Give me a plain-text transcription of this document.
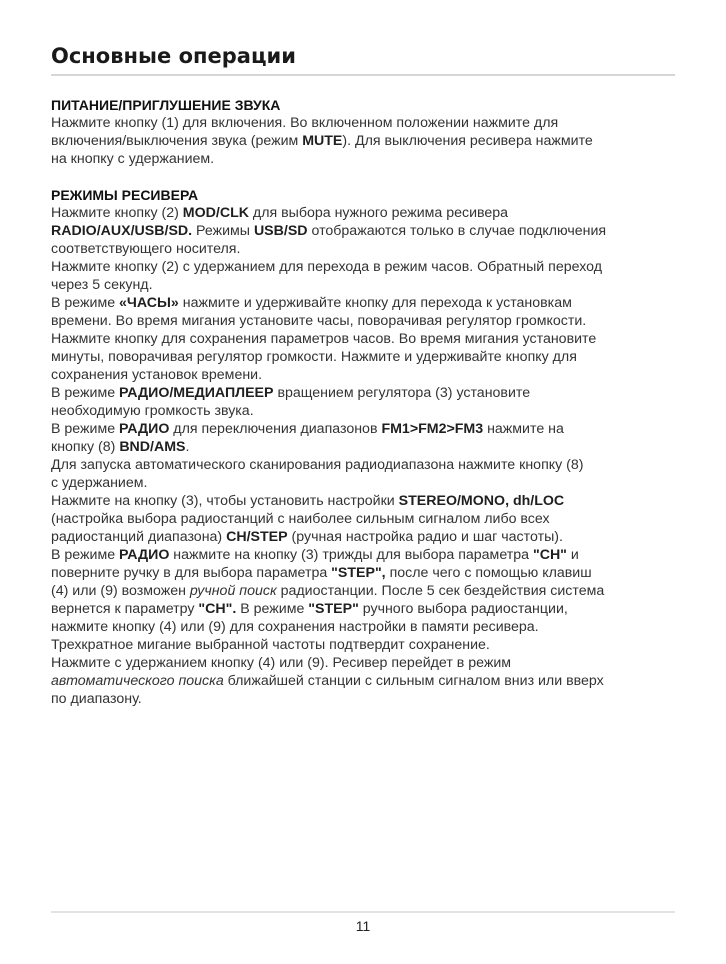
Основные операции
ПИТАНИЕ/ПРИГЛУШЕНИЕ ЗВУКА
Нажмите кнопку (1) для включения. Во включенном положении нажмите для
включения/выключения звука (режим MUTE). Для выключения ресивера нажмите
на кнопку с удержанием.
РЕЖИМЫ РЕСИВЕРА
Нажмите кнопку (2) MOD/CLK для выбора нужного режима ресивера
RADIO/AUX/USB/SD. Режимы USB/SD отображаются только в случае подключения
соответствующего носителя.
Нажмите кнопку (2) с удержанием для перехода в режим часов. Обратный переход
через 5 секунд.
В режиме «ЧАСЫ» нажмите и удерживайте кнопку для перехода к установкам
времени. Во время мигания установите часы, поворачивая регулятор громкости.
Нажмите кнопку для сохранения параметров часов. Во время мигания установите
минуты, поворачивая регулятор громкости. Нажмите и удерживайте кнопку для
сохранения установок времени.
В режиме РАДИО/МЕДИАПЛЕЕР вращением регулятора (3) установите
необходимую громкость звука.
В режиме РАДИО для переключения диапазонов FM1>FM2>FM3 нажмите на
кнопку (8) BND/AMS.
Для запуска автоматического сканирования радиодиапазона нажмите кнопку (8)
с удержанием.
Нажмите на кнопку (3), чтобы установить настройки STEREO/MONO, dh/LOC
(настройка выбора радиостанций с наиболее сильным сигналом либо всех
радиостанций диапазона) CH/STEP (ручная настройка радио и шаг частоты).
В режиме РАДИО нажмите на кнопку (3) трижды для выбора параметра "CH" и
поверните ручку в для выбора параметра "STEP", после чего с помощью клавиш
(4) или (9) возможен ручной поиск радиостанции. После 5 сек бездействия система
вернется к параметру "CH". В режиме "STEP" ручного выбора радиостанции,
нажмите кнопку (4) или (9) для сохранения настройки в памяти ресивера.
Трехкратное мигание выбранной частоты подтвердит сохранение.
Нажмите с удержанием кнопку (4) или (9). Ресивер перейдет в режим
автоматического поиска ближайшей станции с сильным сигналом вниз или вверх
по диапазону.
11
